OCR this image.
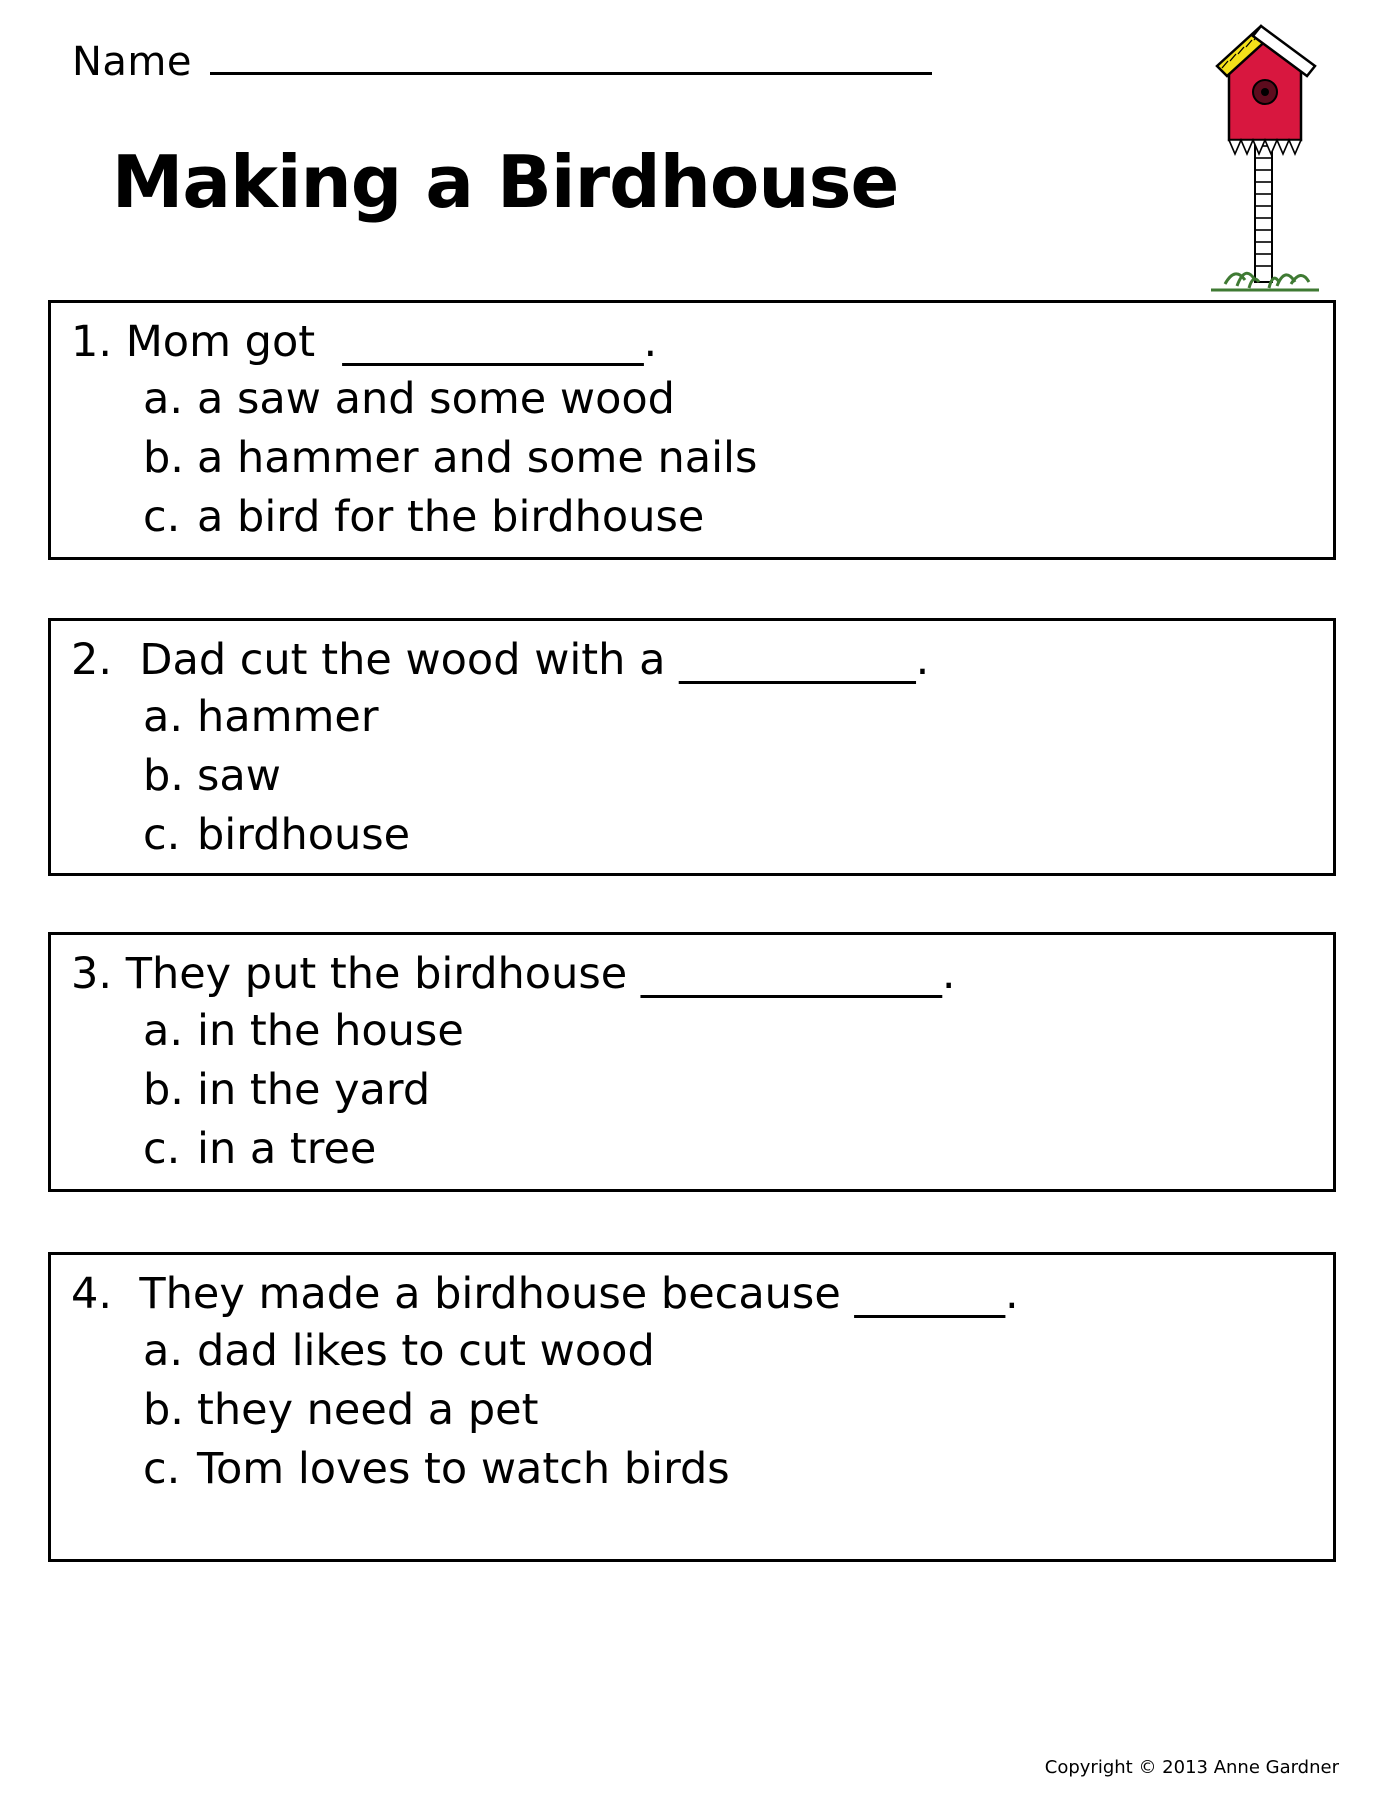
Name
Making a Birdhouse
1. Mom got  ______________.
a. a saw and some wood
b. a hammer and some nails
c. a bird for the birdhouse
2.  Dad cut the wood with a ___________.
a. hammer
b. saw
c. birdhouse
3. They put the birdhouse ______________.
a. in the house
b. in the yard
c. in a tree
4.  They made a birdhouse because _______.
a. dad likes to cut wood
b. they need a pet
c. Tom loves to watch birds
Copyright © 2013 Anne Gardner
